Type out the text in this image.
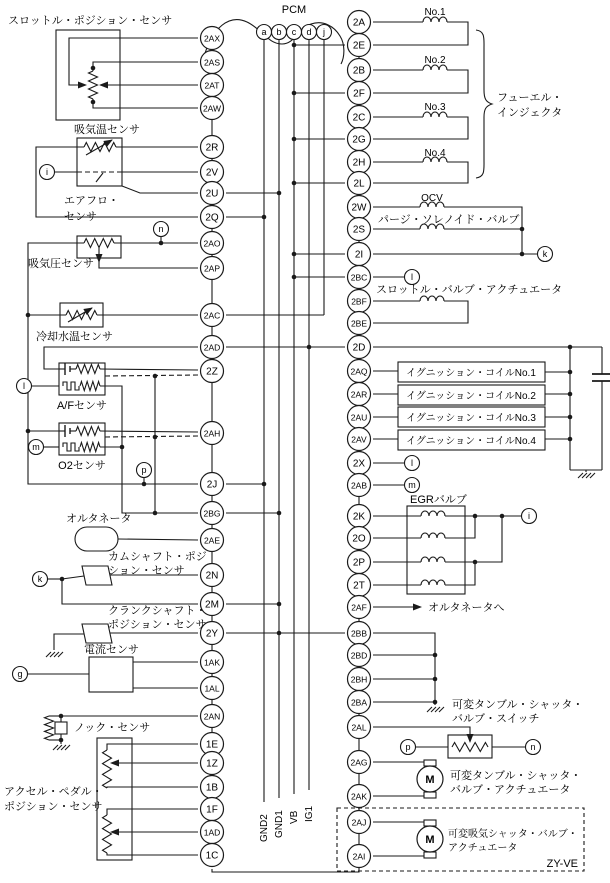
M
M
2AX
2AS
2AT
2AW
2R
2V
2U
2Q
2AO
2AP
2AC
2AD
2Z
2AH
2J
2BG
2AE
2N
2M
2Y
1AK
1AL
2AN
1E
1Z
1B
1F
1AD
1C
2A
2E
2B
2F
2C
2G
2H
2L
2W
2S
2I
2BC
2BF
2BE
2D
2AQ
2AR
2AU
2AV
2X
2AB
2K
2O
2P
2T
2AF
2BB
2BD
2BH
2BA
2AL
2AG
2AK
2AJ
2AI
a b c d j
i
n
l
m
p
k
g
k
l
l
m
i
p	n
スロットル・ポジション・センサ
吸気温センサ
エアフロ・
センサ
吸気圧センサ
冷却水温センサ
A/Fセンサ
O2センサ
オルタネータ
カムシャフト・ポジ
ション・センサ
クランクシャフト・
ポジション・センサ
電流センサ
ノック・センサ
アクセル・ペダル・
ポジション・センサ
PCM	No.1
No.2
No.3
No.4
フューエル・
インジェクタ
OCV
パージ・ソレノイド・バルブ
スロットル・バルブ・アクチュエータ
イグニッション・コイルNo.1
イグニッション・コイルNo.2
イグニッション・コイルNo.3
イグニッション・コイルNo.4
EGRバルブ
オルタネータへ
可変タンブル・シャッタ・
バルブ・スイッチ
可変タンブル・シャッタ・
バルブ・アクチュエータ
可変吸気シャッタ・バルブ・
アクチュエータ
ZY-VE
GND2 GND1 VB IG1
